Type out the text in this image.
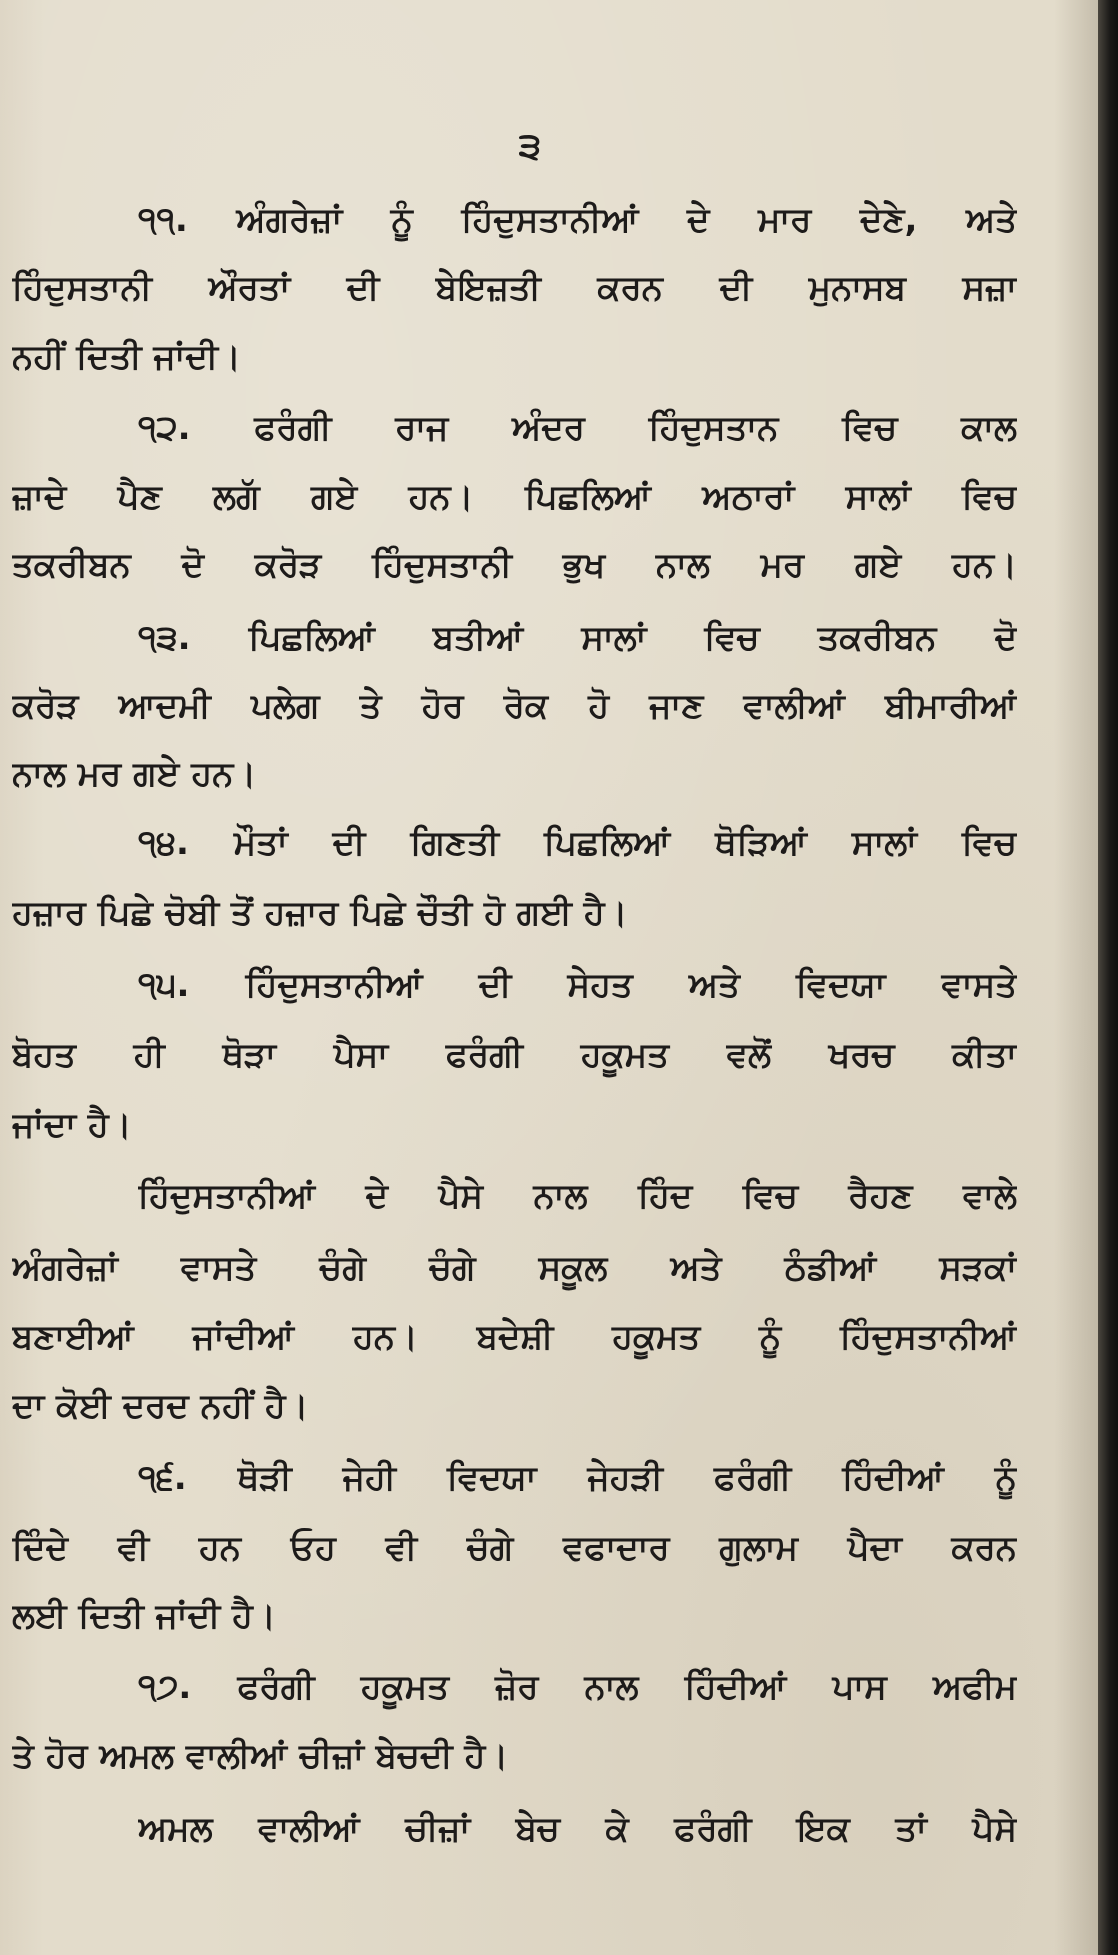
੩
੧੧. ਅੰਗਰੇਜ਼ਾਂ ਨੂੰ ਹਿੰਦੁਸਤਾਨੀਆਂ ਦੇ ਮਾਰ ਦੇਣੇ, ਅਤੇ
ਹਿੰਦੁਸਤਾਨੀ ਔਰਤਾਂ ਦੀ ਬੇਇਜ਼ਤੀ ਕਰਨ ਦੀ ਮੁਨਾਸਬ ਸਜ਼ਾ
ਨਹੀਂ ਦਿਤੀ ਜਾਂਦੀ।
੧੨. ਫਰੰਗੀ ਰਾਜ ਅੰਦਰ ਹਿੰਦੁਸਤਾਨ ਵਿਚ ਕਾਲ
ਜ਼ਾਦੇ ਪੈਣ ਲਗੱ ਗਏ ਹਨ। ਪਿਛਲਿਆਂ ਅਠਾਰਾਂ ਸਾਲਾਂ ਵਿਚ
ਤਕਰੀਬਨ ਦੋ ਕਰੋੜ ਹਿੰਦੁਸਤਾਨੀ ਭੁਖ ਨਾਲ ਮਰ ਗਏ ਹਨ।
੧੩. ਪਿਛਲਿਆਂ ਬਤੀਆਂ ਸਾਲਾਂ ਵਿਚ ਤਕਰੀਬਨ ਦੋ
ਕਰੋੜ ਆਦਮੀ ਪਲੇਗ ਤੇ ਹੋਰ ਰੋਕ ਹੋ ਜਾਣ ਵਾਲੀਆਂ ਬੀਮਾਰੀਆਂ
ਨਾਲ ਮਰ ਗਏ ਹਨ।
੧੪. ਮੌਤਾਂ ਦੀ ਗਿਣਤੀ ਪਿਛਲਿਆਂ ਥੋੜਿਆਂ ਸਾਲਾਂ ਵਿਚ
ਹਜ਼ਾਰ ਪਿਛੇ ਚੋਬੀ ਤੋਂ ਹਜ਼ਾਰ ਪਿਛੇ ਚੌਤੀ ਹੋ ਗਈ ਹੈ।
੧੫. ਹਿੰਦੁਸਤਾਨੀਆਂ ਦੀ ਸੇਹਤ ਅਤੇ ਵਿਦਯਾ ਵਾਸਤੇ
ਬੋਹਤ ਹੀ ਥੋੜਾ ਪੈਸਾ ਫਰੰਗੀ ਹਕੂਮਤ ਵਲੋਂ ਖਰਚ ਕੀਤਾ
ਜਾਂਦਾ ਹੈ।
ਹਿੰਦੁਸਤਾਨੀਆਂ ਦੇ ਪੈਸੇ ਨਾਲ ਹਿੰਦ ਵਿਚ ਰੈਹਣ ਵਾਲੇ
ਅੰਗਰੇਜ਼ਾਂ ਵਾਸਤੇ ਚੰਗੇ ਚੰਗੇ ਸਕੂਲ ਅਤੇ ਠੰਡੀਆਂ ਸੜਕਾਂ
ਬਣਾਈਆਂ ਜਾਂਦੀਆਂ ਹਨ। ਬਦੇਸ਼ੀ ਹਕੂਮਤ ਨੂੰ ਹਿੰਦੁਸਤਾਨੀਆਂ
ਦਾ ਕੋਈ ਦਰਦ ਨਹੀਂ ਹੈ।
੧੬. ਥੋੜੀ ਜੇਹੀ ਵਿਦਯਾ ਜੇਹੜੀ ਫਰੰਗੀ ਹਿੰਦੀਆਂ ਨੂੰ
ਦਿੰਦੇ ਵੀ ਹਨ ਓਹ ਵੀ ਚੰਗੇ ਵਫਾਦਾਰ ਗੁਲਾਮ ਪੈਦਾ ਕਰਨ
ਲਈ ਦਿਤੀ ਜਾਂਦੀ ਹੈ।
੧੭. ਫਰੰਗੀ ਹਕੂਮਤ ਜ਼ੋਰ ਨਾਲ ਹਿੰਦੀਆਂ ਪਾਸ ਅਫੀਮ
ਤੇ ਹੋਰ ਅਮਲ ਵਾਲੀਆਂ ਚੀਜ਼ਾਂ ਬੇਚਦੀ ਹੈ।
ਅਮਲ ਵਾਲੀਆਂ ਚੀਜ਼ਾਂ ਬੇਚ ਕੇ ਫਰੰਗੀ ਇਕ ਤਾਂ ਪੈਸੇ
